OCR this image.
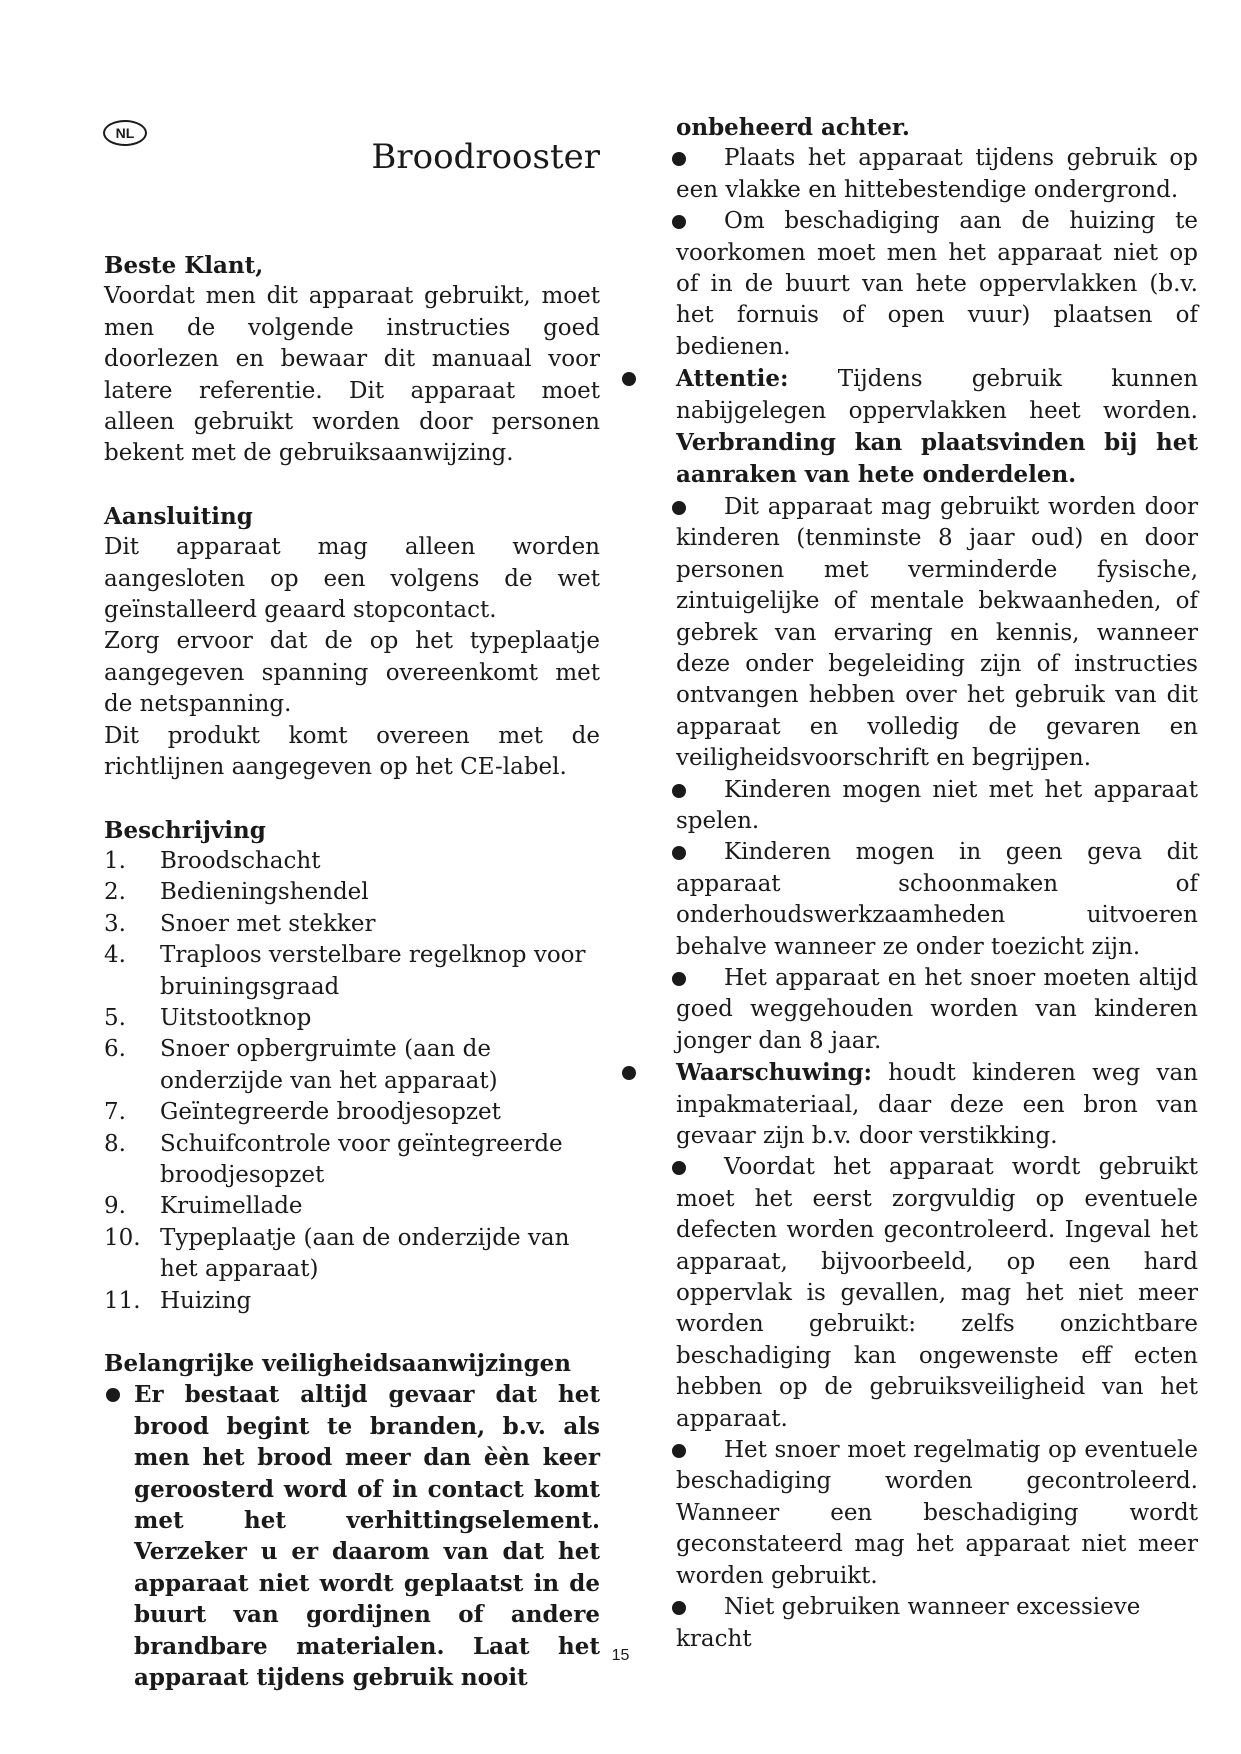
NL
Broodrooster
Beste Klant,

Voordat men dit apparaat gebruikt, moet men de volgende instructies goed doorlezen en bewaar dit manuaal voor latere referentie. Dit apparaat moet alleen gebruikt worden door personen bekent met de gebruiksaanwijzing.

Aansluiting

Dit apparaat mag alleen worden aangesloten op een volgens de wet geïnstalleerd geaard stopcontact.

Zorg ervoor dat de op het typeplaatje aangegeven spanning overeenkomt met de netspanning.

Dit produkt komt overeen met de richtlijnen aangegeven op het CE-label.

Beschrijving
1. Broodschacht
2. Bedieningshendel
3. Snoer met stekker
4. Traploos verstelbare regelknop voor bruiningsgraad
5. Uitstootknop
6. Snoer opbergruimte (aan de onderzijde van het apparaat)
7. Geïntegreerde broodjesopzet
8. Schuifcontrole voor geïntegreerde broodjesopzet
9. Kruimellade
10. Typeplaatje (aan de onderzijde van het apparaat)
11. Huizing
Belangrijke veiligheidsaanwijzingen

Er bestaat altijd gevaar dat het brood begint te branden, b.v. als men het brood meer dan èèn keer geroosterd word of in contact komt met het verhittingselement. Verzeker u er daarom van dat het apparaat niet wordt geplaatst in de buurt van gordijnen of andere brandbare materialen. Laat het apparaat tijdens gebruik nooit

onbeheerd achter.

Plaats het apparaat tijdens gebruik op een vlakke en hittebestendige ondergrond.

Om beschadiging aan de huizing te voorkomen moet men het apparaat niet op of in de buurt van hete oppervlakken (b.v. het fornuis of open vuur) plaatsen of bedienen.

Attentie: Tijdens gebruik kunnen nabijgelegen oppervlakken heet worden. Verbranding kan plaatsvinden bij het aanraken van hete onderdelen.

Dit apparaat mag gebruikt worden door kinderen (tenminste 8 jaar oud) en door personen met verminderde fysische, zintuigelijke of mentale bekwaanheden, of gebrek van ervaring en kennis, wanneer deze onder begeleiding zijn of instructies ontvangen hebben over het gebruik van dit apparaat en volledig de gevaren en veiligheidsvoorschrift en begrijpen.

Kinderen mogen niet met het apparaat spelen.

Kinderen mogen in geen geva dit apparaat schoonmaken of onderhoudswerkzaamheden uitvoeren behalve wanneer ze onder toezicht zijn.

Het apparaat en het snoer moeten altijd goed weggehouden worden van kinderen jonger dan 8 jaar.

Waarschuwing: houdt kinderen weg van inpakmateriaal, daar deze een bron van gevaar zijn b.v. door verstikking.

Voordat het apparaat wordt gebruikt moet het eerst zorgvuldig op eventuele defecten worden gecontroleerd. Ingeval het apparaat, bijvoorbeeld, op een hard oppervlak is gevallen, mag het niet meer worden gebruikt: zelfs onzichtbare beschadiging kan ongewenste eff ecten hebben op de gebruiksveiligheid van het apparaat.

Het snoer moet regelmatig op eventuele beschadiging worden gecontroleerd. Wanneer een beschadiging wordt geconstateerd mag het apparaat niet meer worden gebruikt.

Niet gebruiken wanneer excessieve kracht

15
